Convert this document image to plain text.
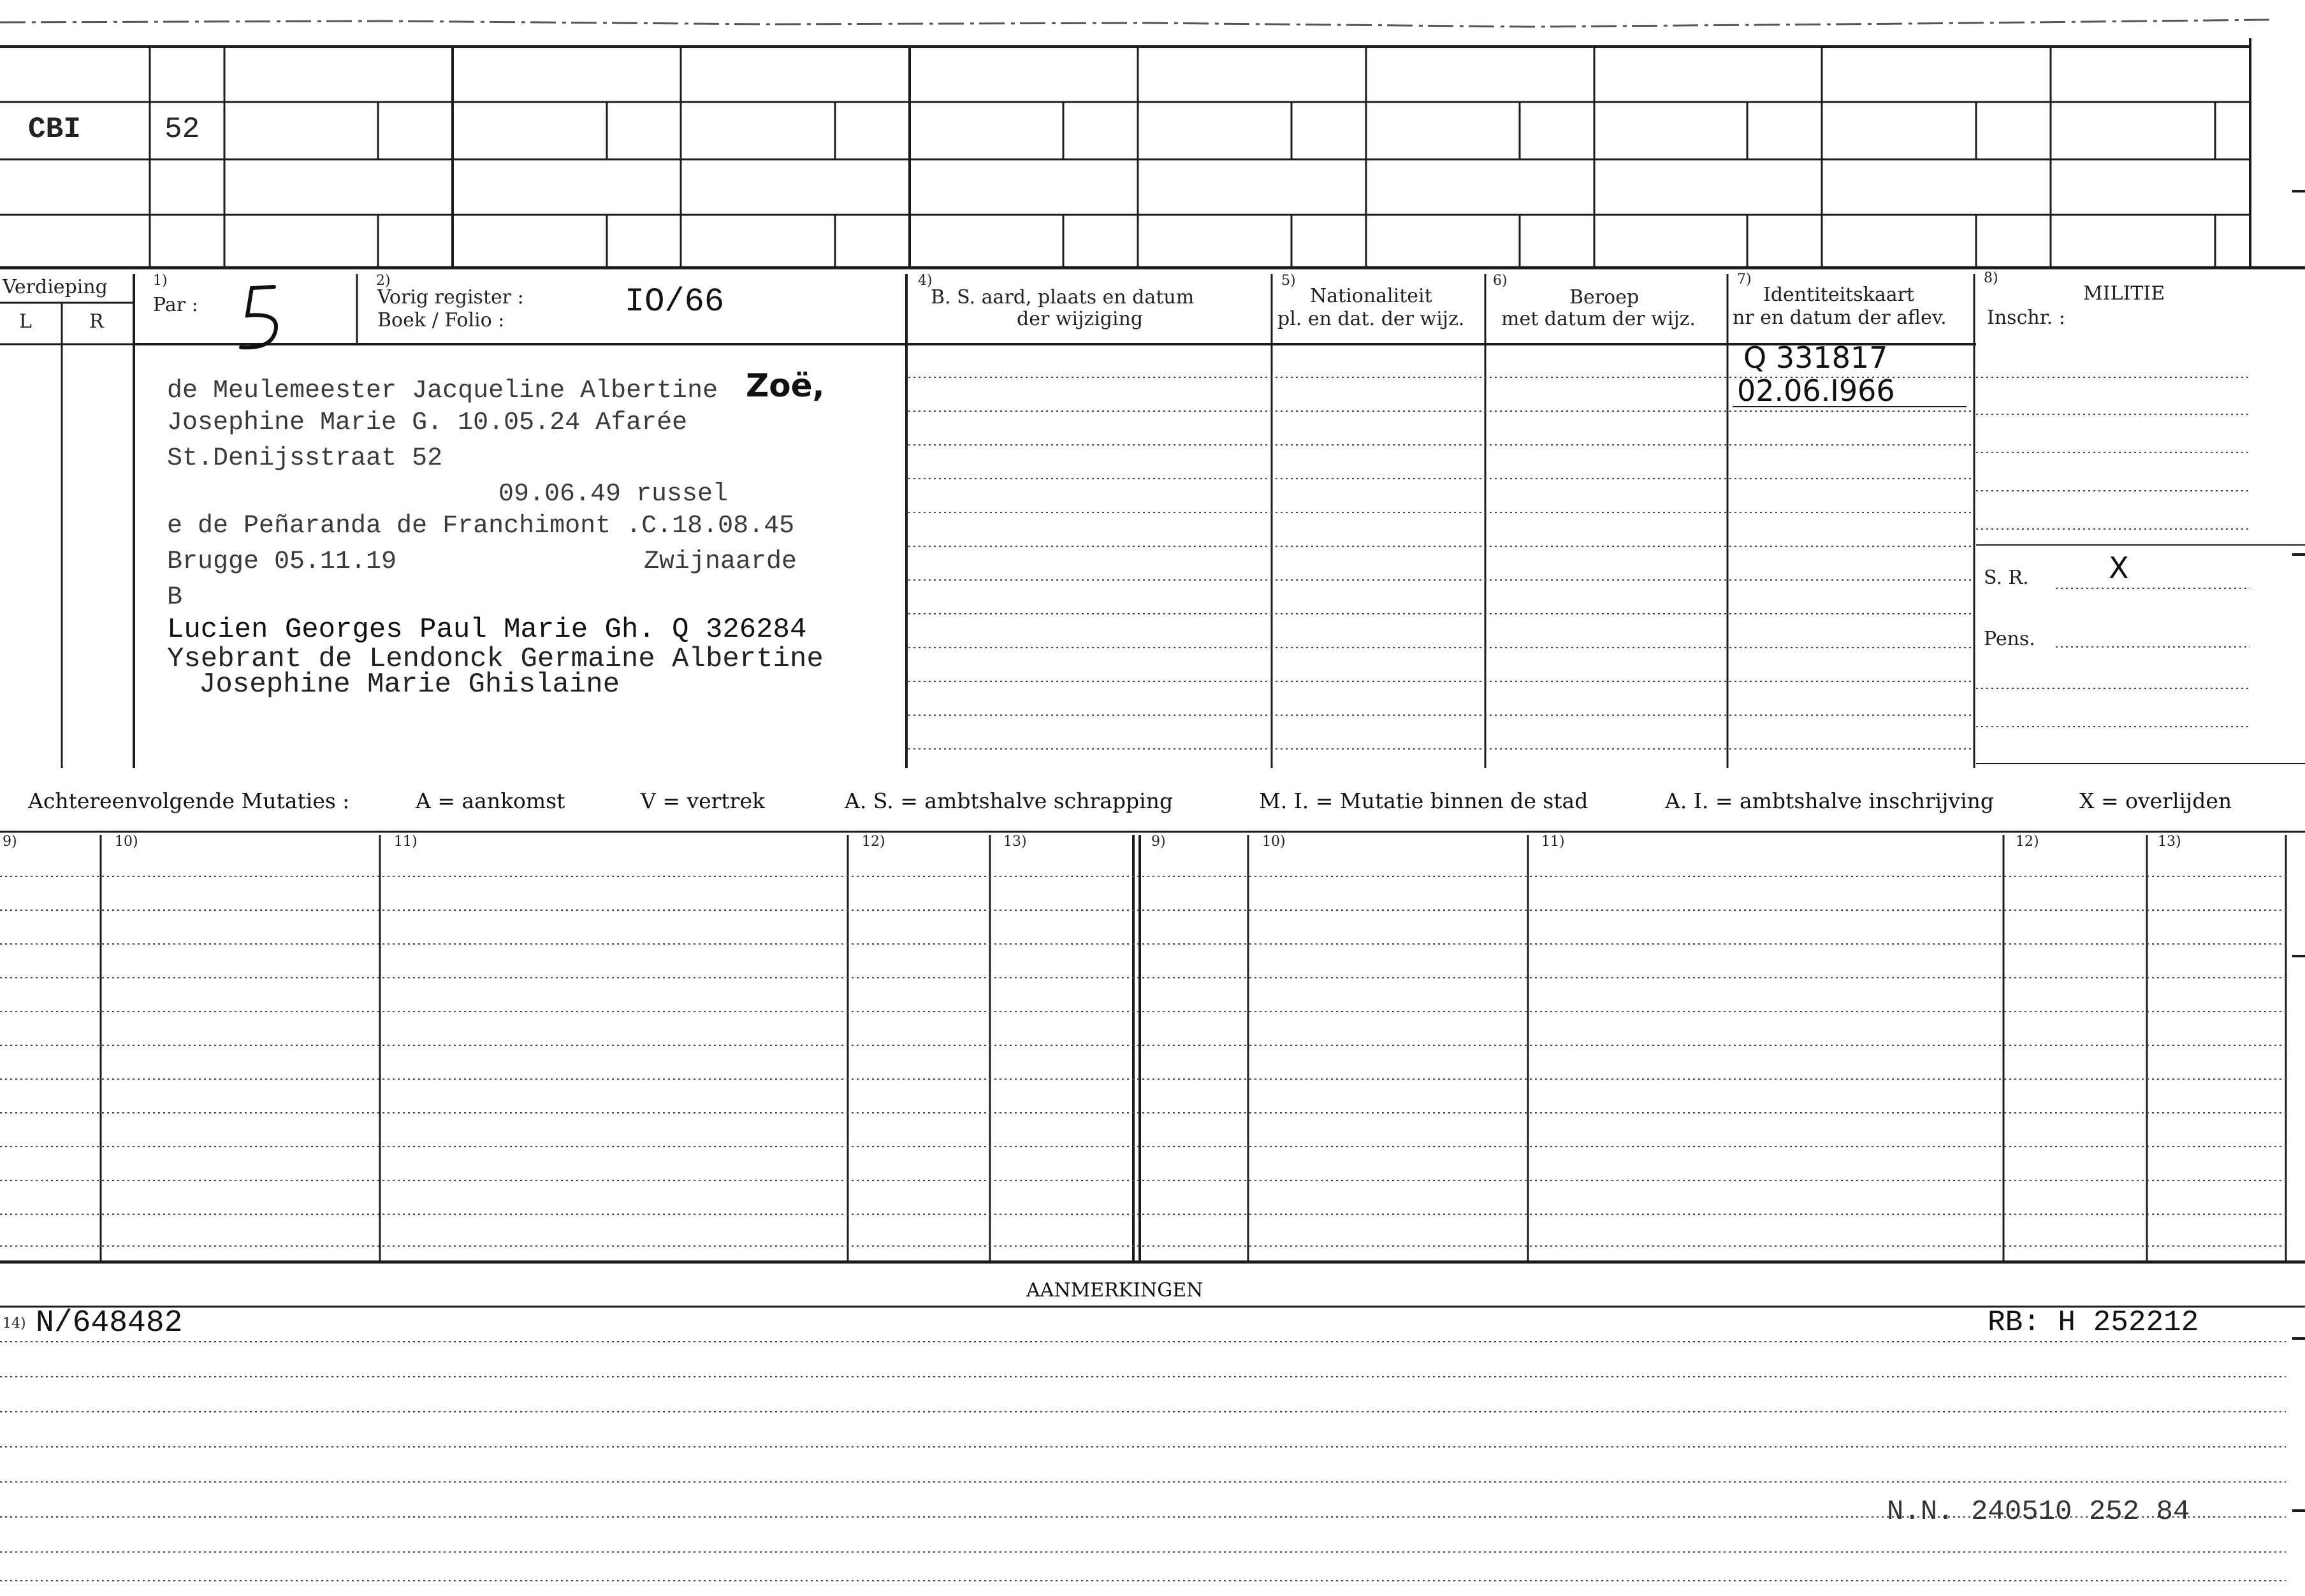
CBI	52
Verdieping
L	R
1)
Par :
2)
Vorig register :
Boek / Folio :	IO/66
4)
B. S. aard, plaats en datum
der wijziging
5)
Nationaliteit
pl. en dat. der wijz.
6)
Beroep
met datum der wijz.
7)
Identiteitskaart
nr en datum der aflev.
8)
MILITIE
Inschr. :
de Meulemeester Jacqueline Albertine Zoë,
Josephine Marie G. 10.05.24 Afarée
St.Denijsstraat 52
09.06.49 russel
e de Peñaranda de Franchimont .C.18.08.45
Brugge 05.11.19	Zwijnaarde
B
Lucien Georges Paul Marie Gh. Q 326284
Ysebrant de Lendonck Germaine Albertine
Josephine Marie Ghislaine
Q 331817
02.06.I966
S. R.	X
Pens.
Achtereenvolgende Mutaties :	A = aankomst	V = vertrek	A. S. = ambtshalve schrapping	M. I. = Mutatie binnen de stad	A. I. = ambtshalve inschrijving	X = overlijden
9)	10)	11)	12)	13)	9)	10)	11)	12)	13)
AANMERKINGEN
14) N/648482	RB: H 252212
N.N. 240510 252 84
